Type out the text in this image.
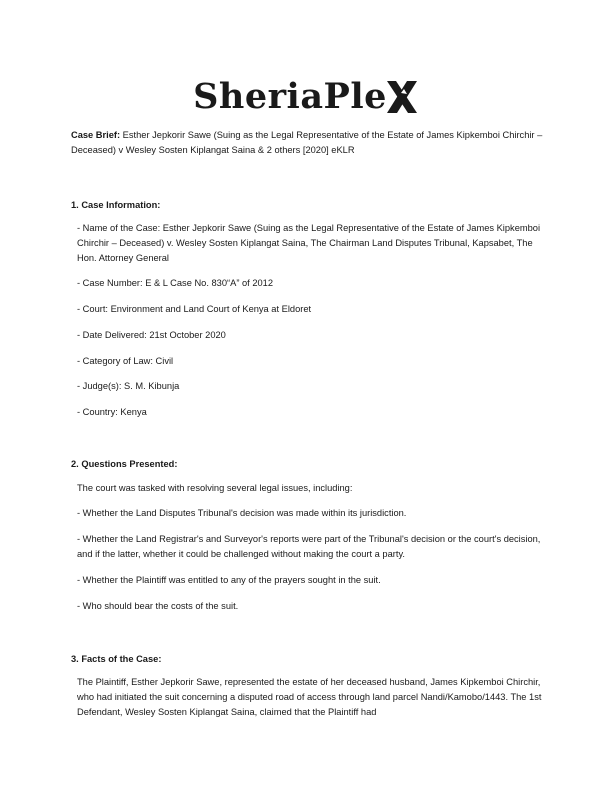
SheriaPle
Case Brief: Esther Jepkorir Sawe (Suing as the Legal Representative of the Estate of James Kipkemboi Chirchir – Deceased) v Wesley Sosten Kiplangat Saina & 2 others [2020] eKLR
1. Case Information:
- Name of the Case: Esther Jepkorir Sawe (Suing as the Legal Representative of the Estate of James Kipkemboi Chirchir – Deceased) v. Wesley Sosten Kiplangat Saina, The Chairman Land Disputes Tribunal, Kapsabet, The Hon. Attorney General
- Case Number: E & L Case No. 830“A” of 2012
- Court: Environment and Land Court of Kenya at Eldoret
- Date Delivered: 21st October 2020
- Category of Law: Civil
- Judge(s): S. M. Kibunja
- Country: Kenya
2. Questions Presented:
The court was tasked with resolving several legal issues, including:
- Whether the Land Disputes Tribunal's decision was made within its jurisdiction.
- Whether the Land Registrar's and Surveyor's reports were part of the Tribunal's decision or the court's decision, and if the latter, whether it could be challenged without making the court a party.
- Whether the Plaintiff was entitled to any of the prayers sought in the suit.
- Who should bear the costs of the suit.
3. Facts of the Case:
The Plaintiff, Esther Jepkorir Sawe, represented the estate of her deceased husband, James Kipkemboi Chirchir, who had initiated the suit concerning a disputed road of access through land parcel Nandi/Kamobo/1443. The 1st Defendant, Wesley Sosten Kiplangat Saina, claimed that the Plaintiff had
